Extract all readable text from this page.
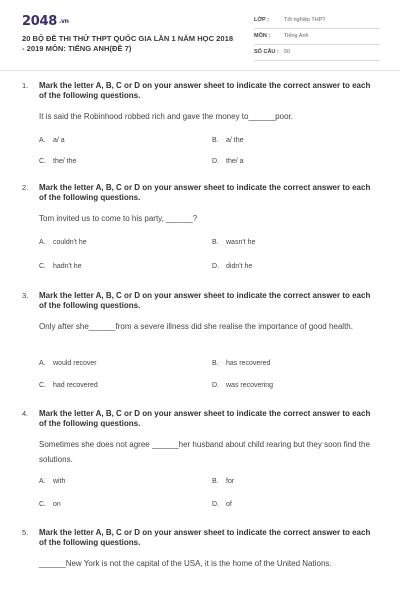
2048 .vn
20 BỘ ĐỀ THI THỬ THPT QUỐC GIA LẦN 1 NĂM HỌC 2018 - 2019 MÔN: TIẾNG ANH(ĐỀ 7)
LỚP :	Tốt nghiệp THPT
MÔN :	Tiếng Anh
SỐ CÂU : 50
1. Mark the letter A, B, C or D on your answer sheet to indicate the correct answer to each of the following questions.
It is said the Robinhood robbed rich and gave the money to______poor.
A. a/ a	B. a/ the
C. the/ the	D. the/ a
2. Mark the letter A, B, C or D on your answer sheet to indicate the correct answer to each of the following questions.
Tom invited us to come to his party, ______?
A. couldn't he	B. wasn't he
C. hadn't he	D. didn't he
3. Mark the letter A, B, C or D on your answer sheet to indicate the correct answer to each of the following questions.
Only after she______from a severe illness did she realise the importance of good health.
A. would recover	B. has recovered
C. had recovered	D. was recovering
4. Mark the letter A, B, C or D on your answer sheet to indicate the correct answer to each of the following questions.
Sometimes she does not agree ______her husband about child rearing but they soon find the solutions.
A. with	B. for
C. on	D. of
5. Mark the letter A, B, C or D on your answer sheet to indicate the correct answer to each of the following questions.
______New York is not the capital of the USA, it is the home of the United Nations.
